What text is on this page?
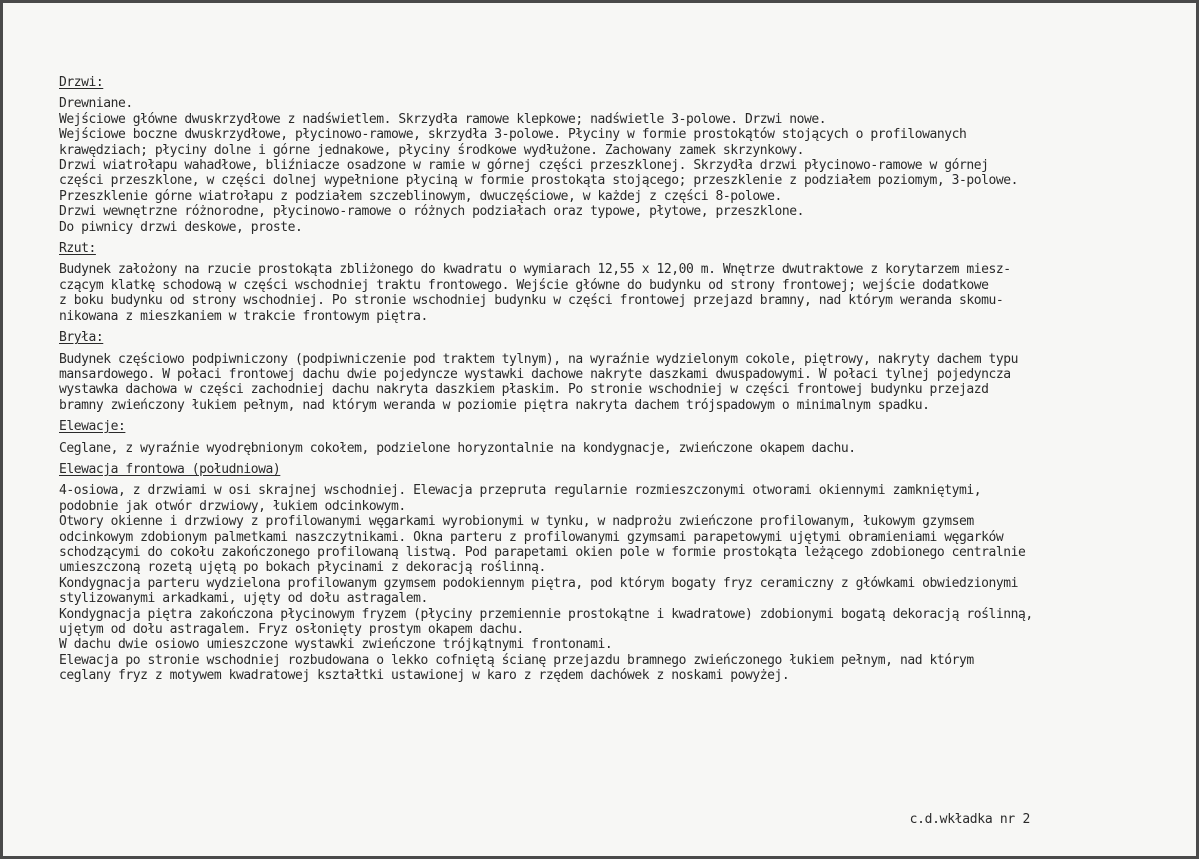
Drzwi:
Drewniane.
Wejściowe główne dwuskrzydłowe z nadświetlem. Skrzydła ramowe klepkowe; nadświetle 3-polowe. Drzwi nowe.
Wejściowe boczne dwuskrzydłowe, płycinowo-ramowe, skrzydła 3-polowe. Płyciny w formie prostokątów stojących o profilowanych
krawędziach; płyciny dolne i górne jednakowe, płyciny środkowe wydłużone. Zachowany zamek skrzynkowy.
Drzwi wiatrołapu wahadłowe, bliźniacze osadzone w ramie w górnej części przeszklonej. Skrzydła drzwi płycinowo-ramowe w górnej
części przeszklone, w części dolnej wypełnione płyciną w formie prostokąta stojącego; przeszklenie z podziałem poziomym, 3-polowe.
Przeszklenie górne wiatrołapu z podziałem szczeblinowym, dwuczęściowe, w każdej z części 8-polowe.
Drzwi wewnętrzne różnorodne, płycinowo-ramowe o różnych podziałach oraz typowe, płytowe, przeszklone.
Do piwnicy drzwi deskowe, proste.
Rzut:
Budynek założony na rzucie prostokąta zbliżonego do kwadratu o wymiarach 12,55 x 12,00 m. Wnętrze dwutraktowe z korytarzem miesz-
czącym klatkę schodową w części wschodniej traktu frontowego. Wejście główne do budynku od strony frontowej; wejście dodatkowe
z boku budynku od strony wschodniej. Po stronie wschodniej budynku w części frontowej przejazd bramny, nad którym weranda skomu-
nikowana z mieszkaniem w trakcie frontowym piętra.
Bryła:
Budynek częściowo podpiwniczony (podpiwniczenie pod traktem tylnym), na wyraźnie wydzielonym cokole, piętrowy, nakryty dachem typu
mansardowego. W połaci frontowej dachu dwie pojedyncze wystawki dachowe nakryte daszkami dwuspadowymi. W połaci tylnej pojedyncza
wystawka dachowa w części zachodniej dachu nakryta daszkiem płaskim. Po stronie wschodniej w części frontowej budynku przejazd
bramny zwieńczony łukiem pełnym, nad którym weranda w poziomie piętra nakryta dachem trójspadowym o minimalnym spadku.
Elewacje:
Ceglane, z wyraźnie wyodrębnionym cokołem, podzielone horyzontalnie na kondygnacje, zwieńczone okapem dachu.
Elewacja frontowa (południowa)
4-osiowa, z drzwiami w osi skrajnej wschodniej. Elewacja przepruta regularnie rozmieszczonymi otworami okiennymi zamkniętymi,
podobnie jak otwór drzwiowy, łukiem odcinkowym.
Otwory okienne i drzwiowy z profilowanymi węgarkami wyrobionymi w tynku, w nadprożu zwieńczone profilowanym, łukowym gzymsem
odcinkowym zdobionym palmetkami naszczytnikami. Okna parteru z profilowanymi gzymsami parapetowymi ujętymi obramieniami węgarków
schodzącymi do cokołu zakończonego profilowaną listwą. Pod parapetami okien pole w formie prostokąta leżącego zdobionego centralnie
umieszczoną rozetą ujętą po bokach płycinami z dekoracją roślinną.
Kondygnacja parteru wydzielona profilowanym gzymsem podokiennym piętra, pod którym bogaty fryz ceramiczny z główkami obwiedzionymi
stylizowanymi arkadkami, ujęty od dołu astragalem.
Kondygnacja piętra zakończona płycinowym fryzem (płyciny przemiennie prostokątne i kwadratowe) zdobionymi bogatą dekoracją roślinną,
ujętym od dołu astragalem. Fryz osłonięty prostym okapem dachu.
W dachu dwie osiowo umieszczone wystawki zwieńczone trójkątnymi frontonami.
Elewacja po stronie wschodniej rozbudowana o lekko cofniętą ścianę przejazdu bramnego zwieńczonego łukiem pełnym, nad którym
ceglany fryz z motywem kwadratowej kształtki ustawionej w karo z rzędem dachówek z noskami powyżej.
c.d.wkładka nr 2
